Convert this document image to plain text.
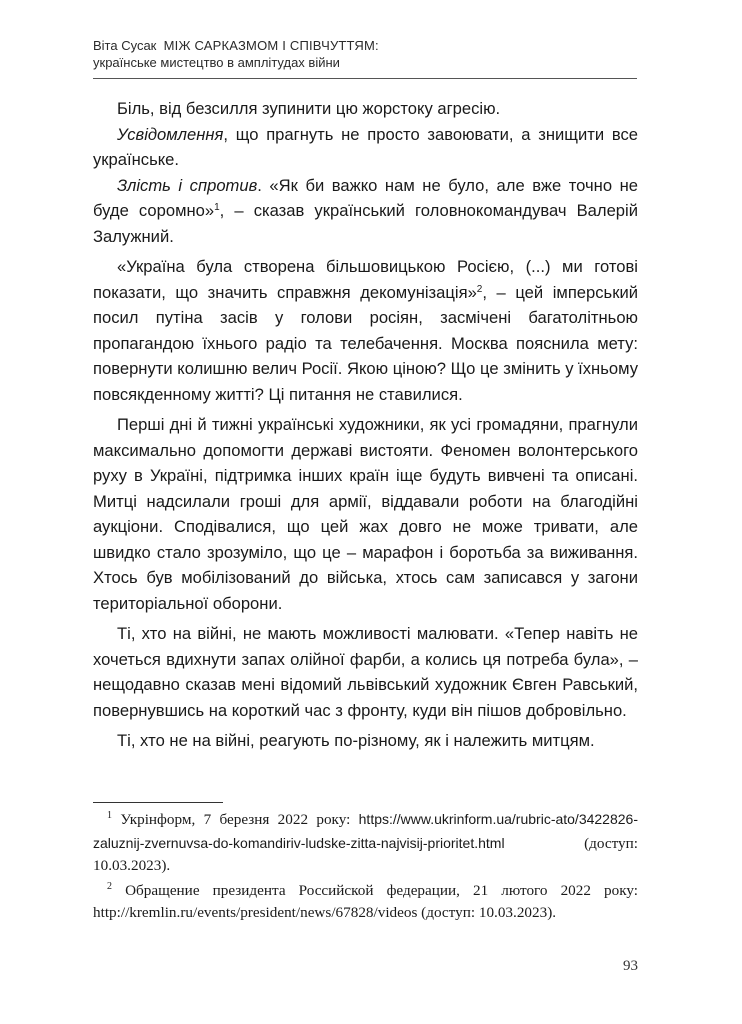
Віта Сусак МІЖ САРКАЗМОМ І СПІВЧУТТЯМ:
українське мистецтво в амплітудах війни

Біль, від безсилля зупинити цю жорстоку агресію.

Усвідомлення, що прагнуть не просто завоювати, а знищити все українське.

Злість і спротив. «Як би важко нам не було, але вже точно не буде соромно»$^1$, – сказав український головнокомандувач Валерій Залужний.

«Україна була створена більшовицькою Росією, (...) ми готові показати, що значить справжня декомунізація»$^2$, – цей імперський посил путіна засів у голови росіян, засмічені багатолітньою пропагандою їхнього радіо та телебачення. Москва пояснила мету: повернути колишню велич Росії. Якою ціною? Що це змінить у їхньому повсякденному житті? Ці питання не ставилися.

Перші дні й тижні українські художники, як усі громадяни, прагнули максимально допомогти державі вистояти. Феномен волонтерського руху в Україні, підтримка інших країн іще будуть вивчені та описані. Митці надсилали гроші для армії, віддавали роботи на благодійні аукціони. Сподівалися, що цей жах довго не може тривати, але швидко стало зрозуміло, що це – марафон і боротьба за виживання. Хтось був мобілізований до війська, хтось сам записався у загони територіальної оборони.

Ті, хто на війні, не мають можливості малювати. «Тепер навіть не хочеться вдихнути запах олійної фарби, а колись ця потреба була», – нещодавно сказав мені відомий львівський художник Євген Равський, повернувшись на короткий час з фронту, куди він пішов добровільно.

Ті, хто не на війні, реагують по-різному, як і належить митцям.

$^1$ Укрінформ, 7 березня 2022 року: https://www.ukrinform.ua/rubric-ato/3422826-zaluznij-zvernuvsa-do-komandiriv-ludske-zitta-najvisij-prioritet.html (доступ: 10.03.2023).

$^2$ Обращение президента Российской федерации, 21 лютого 2022 року: http://kremlin.ru/events/president/news/67828/videos (доступ: 10.03.2023).

93
